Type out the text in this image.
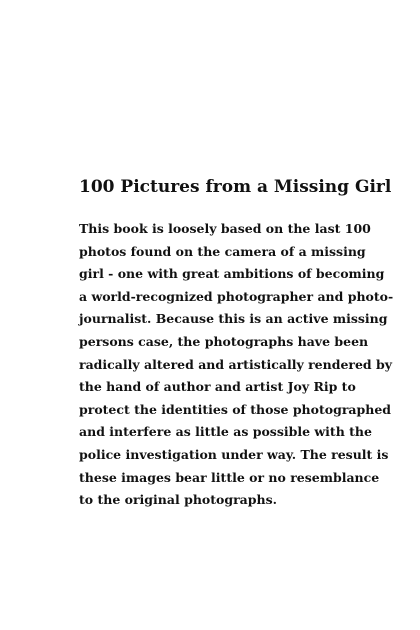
100 Pictures from a Missing Girl
This book is loosely based on the last 100
photos found on the camera of a missing
girl - one with great ambitions of becoming
a world-recognized photographer and photo-
journalist. Because this is an active missing
persons case, the photographs have been
radically altered and artistically rendered by
the hand of author and artist Joy Rip to
protect the identities of those photographed
and interfere as little as possible with the
police investigation under way. The result is
these images bear little or no resemblance
to the original photographs.
